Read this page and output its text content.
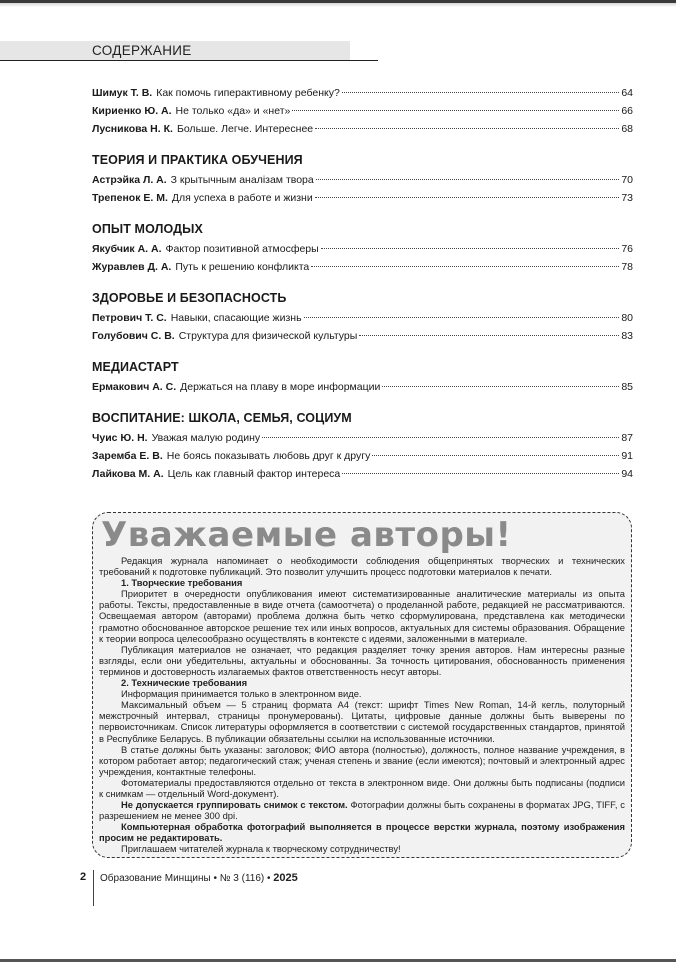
СОДЕРЖАНИЕ
Шимук Т. В. Как помочь гиперактивному ребенку?	64
Кириенко Ю. А. Не только «да» и «нет»	66
Лусникова Н. К. Больше. Легче. Интереснее	68
ТЕОРИЯ И ПРАКТИКА ОБУЧЕНИЯ
Астрэйка Л. А. З крытычным аналізам твора	70
Трепенок Е. М. Для успеха в работе и жизни	73
ОПЫТ МОЛОДЫХ
Якубчик А. А. Фактор позитивной атмосферы	76
Журавлев Д. А. Путь к решению конфликта	78
ЗДОРОВЬЕ И БЕЗОПАСНОСТЬ
Петрович Т. С. Навыки, спасающие жизнь	80
Голубович С. В. Структура для физической культуры	83
МЕДИАСТАРТ
Ермакович А. С. Держаться на плаву в море информации	85
ВОСПИТАНИЕ: ШКОЛА, СЕМЬЯ, СОЦИУМ
Чуис Ю. Н. Уважая малую родину	87
Заремба Е. В. Не боясь показывать любовь друг к другу	91
Лайкова М. А. Цель как главный фактор интереса	94
Уважаемые авторы!

Редакция журнала напоминает о необходимости соблюдения общепринятых творческих и технических требований к подготовке публикаций. Это позволит улучшить процесс подготовки материалов к печати.

1. Творческие требования

Приоритет в очередности опубликования имеют систематизированные аналитические материалы из опыта работы. Тексты, предоставленные в виде отчета (самоотчета) о проделанной работе, редакцией не рассматриваются. Освещаемая автором (авторами) проблема должна быть четко сформулирована, представлена как методически грамотно обоснованное авторское решение тех или иных вопросов, актуальных для системы образования. Обращение к теории вопроса целесообразно осуществлять в контексте с идеями, заложенными в материале.

Публикация материалов не означает, что редакция разделяет точку зрения авторов. Нам интересны разные взгляды, если они убедительны, актуальны и обоснованны. За точность цитирования, обоснованность применения терминов и достоверность излагаемых фактов ответственность несут авторы.

2. Технические требования

Информация принимается только в электронном виде.

Максимальный объем — 5 страниц формата А4 (текст: шрифт Times New Roman, 14-й кегль, полуторный межстрочный интервал, страницы пронумерованы). Цитаты, цифровые данные должны быть выверены по первоисточникам. Список литературы оформляется в соответствии с системой государственных стандартов, принятой в Республике Беларусь. В публикации обязательны ссылки на использованные источники.

В статье должны быть указаны: заголовок; ФИО автора (полностью), должность, полное название учреждения, в котором работает автор; педагогический стаж; ученая степень и звание (если имеются); почтовый и электронный адрес учреждения, контактные телефоны.

Фотоматериалы предоставляются отдельно от текста в электронном виде. Они должны быть подписаны (подписи к снимкам — отдельный Word-документ).

Не допускается группировать снимок с текстом. Фотографии должны быть сохранены в форматах JPG, TIFF, с разрешением не менее 300 dpi.

Компьютерная обработка фотографий выполняется в процессе верстки журнала, поэтому изображения просим не редактировать.

Приглашаем читателей журнала к творческому сотрудничеству!

2 Образование Минщины • № 3 (116) • 2025
